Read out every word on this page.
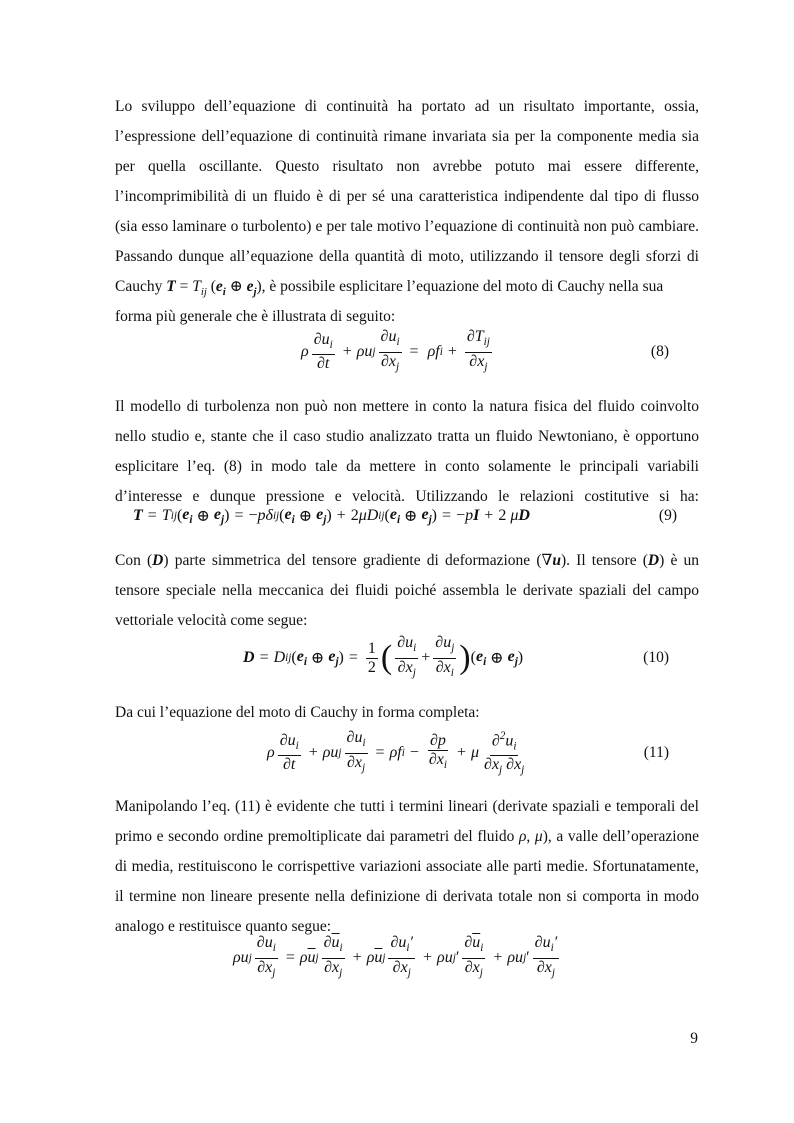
Lo sviluppo dell’equazione di continuità ha portato ad un risultato importante, ossia,
l’espressione dell’equazione di continuità rimane invariata sia per la componente media sia
per quella oscillante. Questo risultato non avrebbe potuto mai essere differente,
l’incomprimibilità di un fluido è di per sé una caratteristica indipendente dal tipo di flusso
(sia esso laminare o turbolento) e per tale motivo l’equazione di continuità non può cambiare.
Passando dunque all’equazione della quantità di moto, utilizzando il tensore degli sforzi di
Cauchy $T = T_{ij}$ ($e_i$ ⊕ $e_j$), è possibile esplicitare l’equazione del moto di Cauchy nella sua
forma più generale che è illustrata di seguito:
ρ $\frac{\partial u_i}{\partial t} + \rho u$ j $\frac{\partial u_i}{\partial x_j}$ =
ρf $i + \frac{\partial T_{ij}}{\partial x_j}$	(8)
Il modello di turbolenza non può non mettere in conto la natura fisica del fluido coinvolto
nello studio e, stante che il caso studio analizzato tratta un fluido Newtoniano, è opportuno
esplicitare l’eq. (8) in modo tale da mettere in conto solamente le principali variabili
d’interesse e dunque pressione e velocità. Utilizzando le relazioni costitutive si ha:
T = T ij ( $e_i$ ⊕ $e_j$ ) = − pδ ij ( $e_i$ ⊕ $e_j$ ) + 2 μD ij ( $e_i$ ⊕ $e_j$ ) = − p I + 2 μ D	(9)
Con (D) parte simmetrica del tensore gradiente di deformazione (∇u). Il tensore (D) è un
tensore speciale nella meccanica dei fluidi poiché assembla le derivate spaziali del campo
vettoriale velocità come segue:
D = D ij ( $e_i$ ⊕ $e_j$ ) = $\frac{1}{2}$ ( $\frac{\partial u_i}{\partial x_j} + \frac{\partial u_j}{\partial x_i}$ ) ( $e_i$ ⊕ $e_j$ )	(10)
Da cui l’equazione del moto di Cauchy in forma completa:
ρ $\frac{\partial u_i}{\partial t} + \rho u$ j $\frac{\partial u_i}{\partial x_j} = \rho f$ $i - \frac{\partial p}{\partial x_i} + \mu \frac{\partial^2u_i}{\partial x_j \partial x_j}$	(11)
Manipolando l’eq. (11) è evidente che tutti i termini lineari (derivate spaziali e temporali del
primo e secondo ordine premoltiplicate dai parametri del fluido ρ, μ), a valle dell’operazione
di media, restituiscono le corrispettive variazioni associate alle parti medie. Sfortunatamente,
il termine non lineare presente nella definizione di derivata totale non si comporta in modo
analogo e restituisce quanto segue:
ρu j $\frac{\partial u_i}{\partial x_j} = \rho$ $\overline{u}$ j $\frac{\partial\overline{u}_i}{\partial x_j} + \rho$ $\overline{u}$ j $\frac{\partial u_i'}{\partial x_j} + \rho u$ j ′ $\frac{\partial\overline{u}_i}{\partial x_j} + \rho u$ j ′ $\frac{\partial u_i'}{\partial x_j}$
9
